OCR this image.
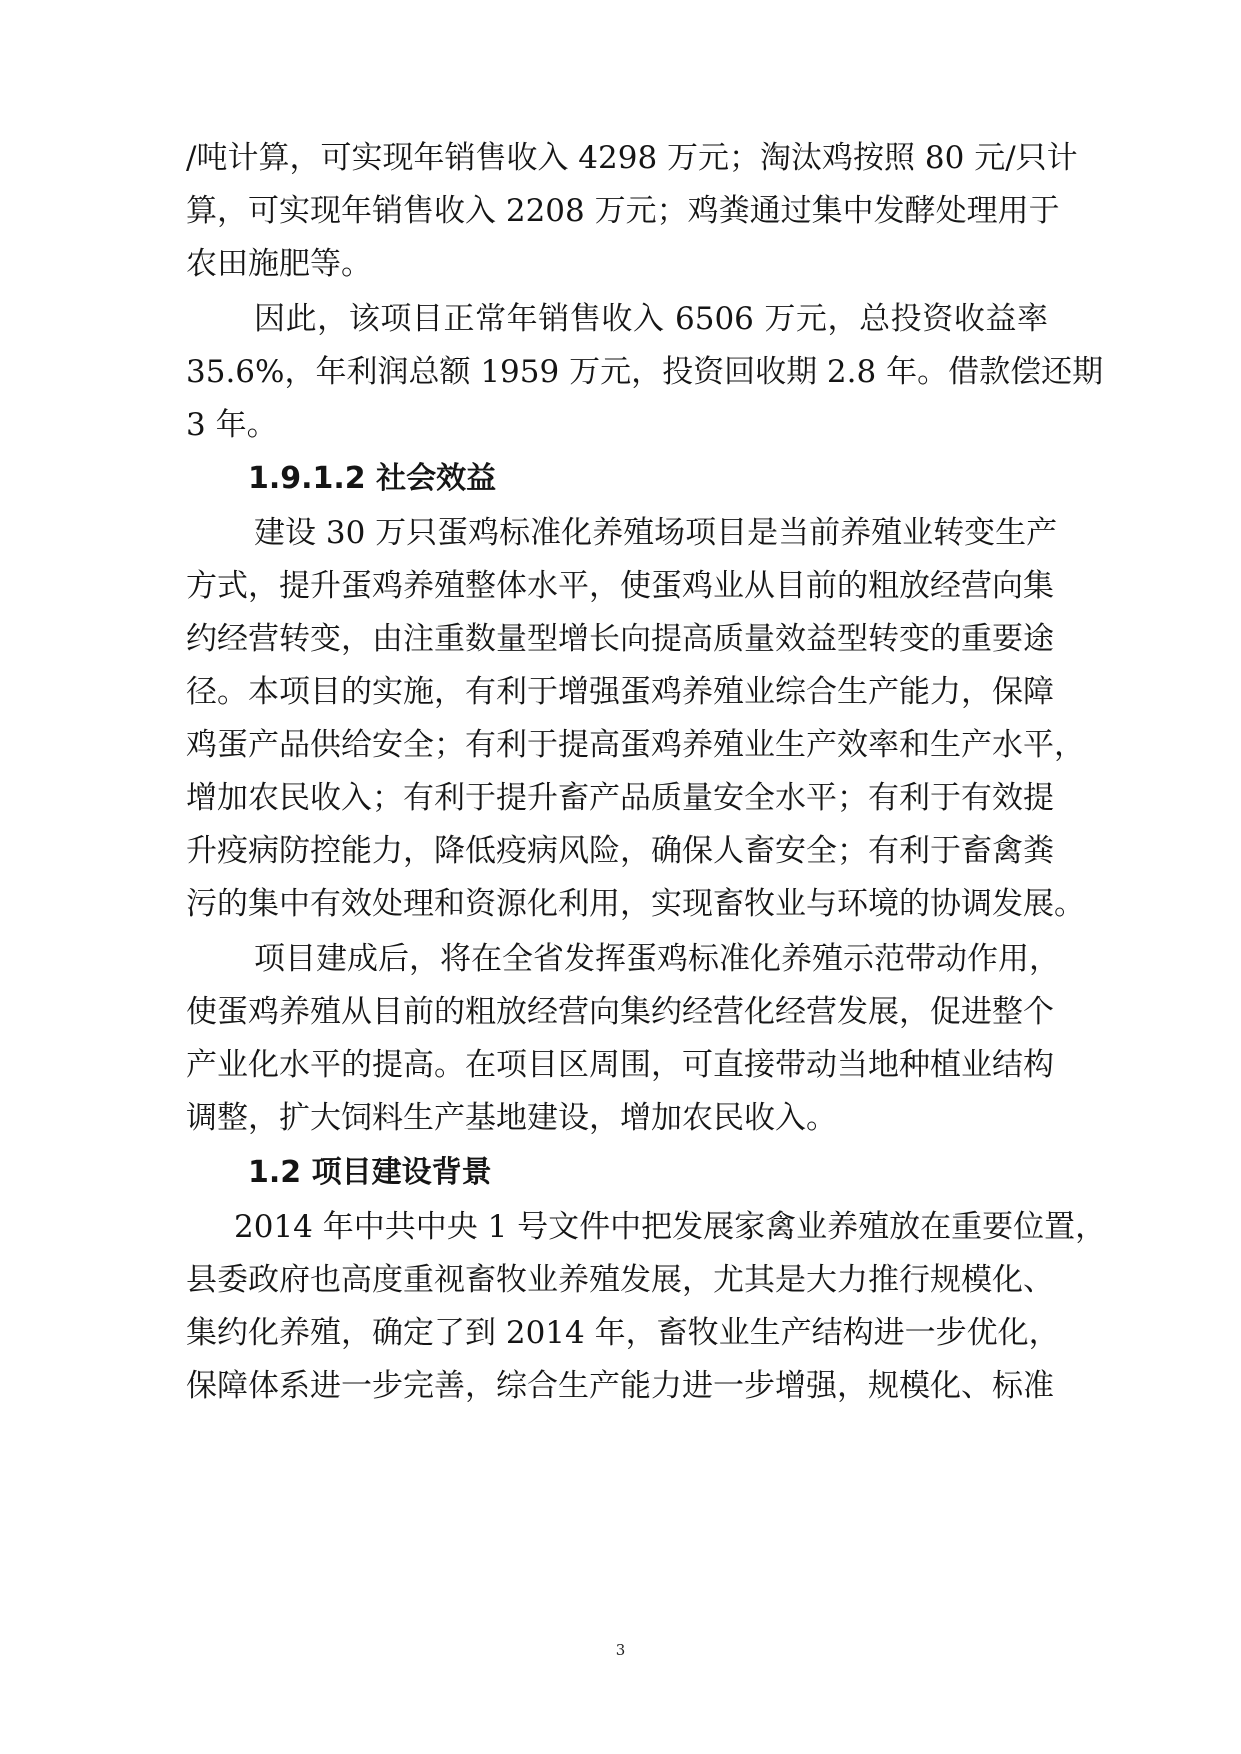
/吨计算，可实现年销售收入 4298 万元；淘汰鸡按照 80 元/只计
算，可实现年销售收入 2208 万元；鸡粪通过集中发酵处理用于
农田施肥等。
因此，该项目正常年销售收入 6506 万元，总投资收益率
35.6%，年利润总额 1959 万元，投资回收期 2.8 年。借款偿还期
3 年。
1.9.1.2 社会效益
建设 30 万只蛋鸡标准化养殖场项目是当前养殖业转变生产
方式，提升蛋鸡养殖整体水平，使蛋鸡业从目前的粗放经营向集
约经营转变，由注重数量型增长向提高质量效益型转变的重要途
径。本项目的实施，有利于增强蛋鸡养殖业综合生产能力，保障
鸡蛋产品供给安全；有利于提高蛋鸡养殖业生产效率和生产水平，
增加农民收入；有利于提升畜产品质量安全水平；有利于有效提
升疫病防控能力，降低疫病风险，确保人畜安全；有利于畜禽粪
污的集中有效处理和资源化利用，实现畜牧业与环境的协调发展。
项目建成后，将在全省发挥蛋鸡标准化养殖示范带动作用，
使蛋鸡养殖从目前的粗放经营向集约经营化经营发展，促进整个
产业化水平的提高。在项目区周围，可直接带动当地种植业结构
调整，扩大饲料生产基地建设，增加农民收入。
1.2 项目建设背景
2014 年中共中央 1 号文件中把发展家禽业养殖放在重要位置，
县委政府也高度重视畜牧业养殖发展，尤其是大力推行规模化、
集约化养殖，确定了到 2014 年，畜牧业生产结构进一步优化，
保障体系进一步完善，综合生产能力进一步增强，规模化、标准
3
